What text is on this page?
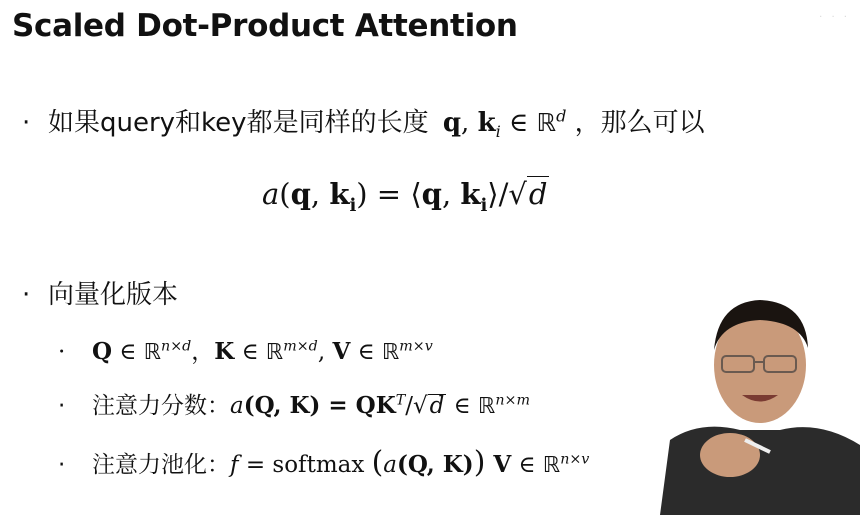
Scaled Dot-Product Attention	· · ·
· 如果query和key都是同样的长度 q, $k_i$ ∈ ℝ$^d$ ，那么可以
a(q, $k_i$) = ⟨q, $k_i⟩/√d$
· 向量化版本
· Q ∈ ℝ$^{n\times d}$，K ∈ ℝ$^{m\times d}$, V ∈ ℝ$^{m\times v}$
· 注意力分数：a(Q, $K) = QK^T/√d$ ∈ ℝ$^{n\times m}$
· 注意力池化：f = softmax (a(Q, K)) V ∈ ℝ$^{n\times v}$
